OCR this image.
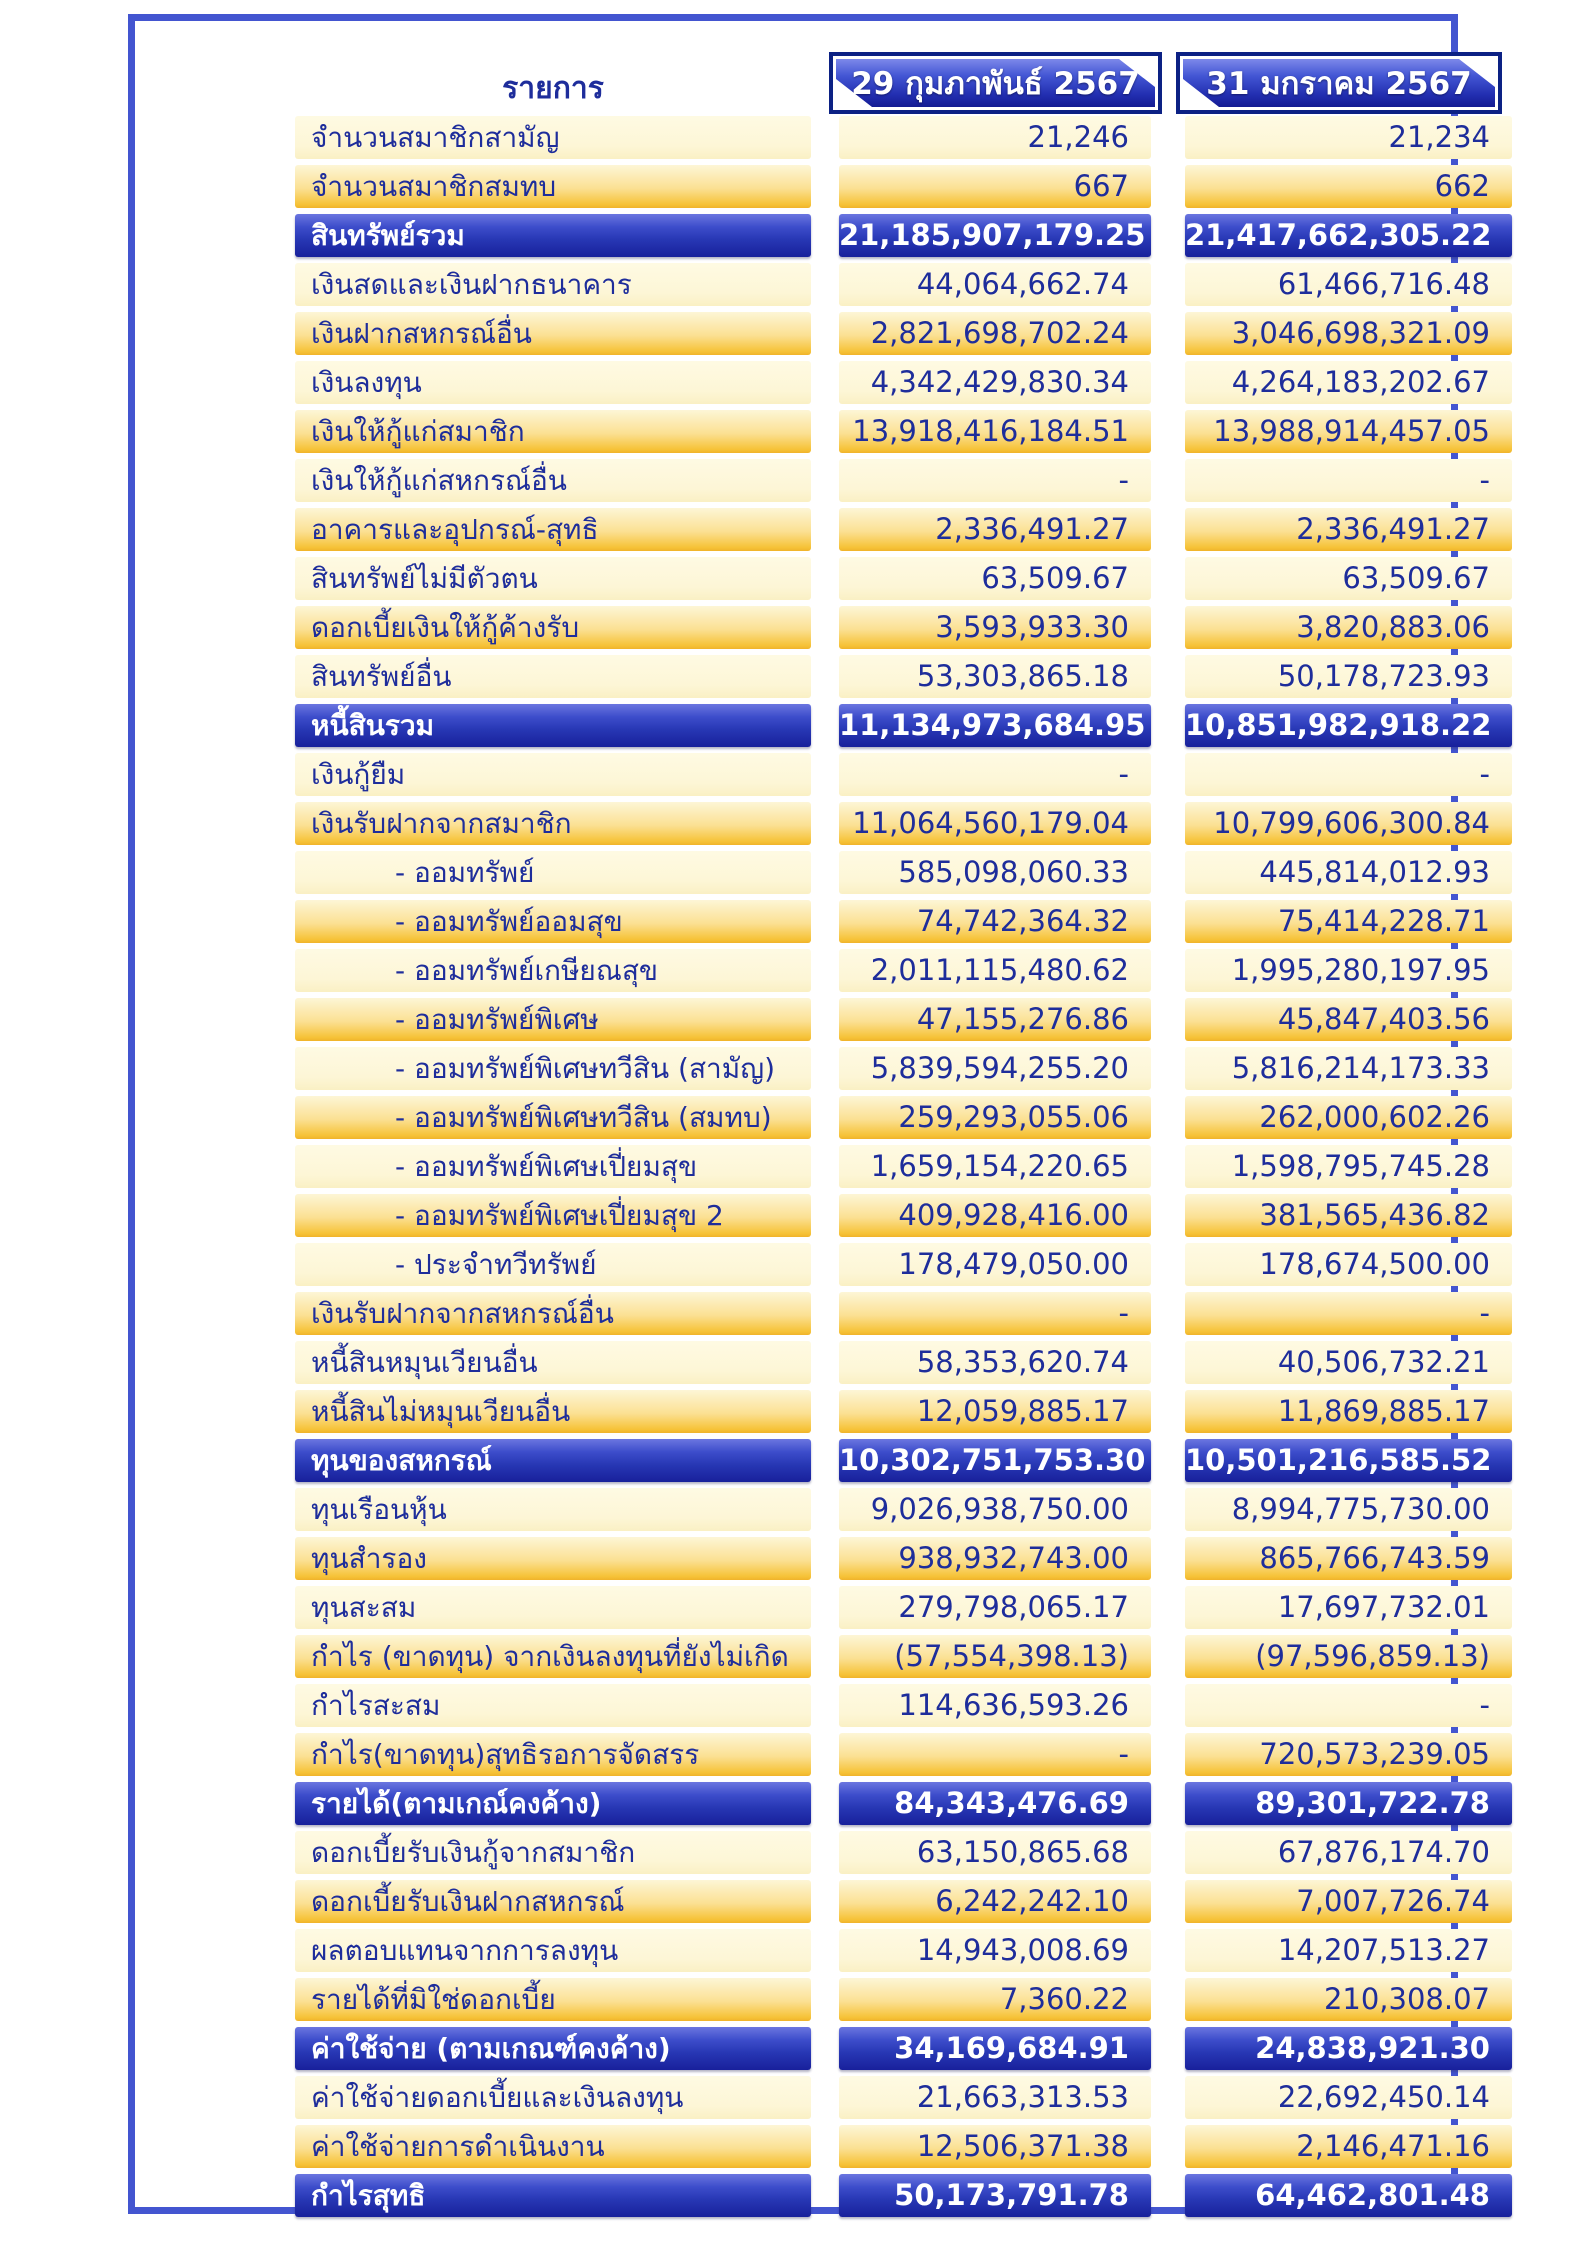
รายการ	29 กุมภาพันธ์ 2567 31 มกราคม 2567
จำนวนสมาชิกสามัญ	21,246	21,234
จำนวนสมาชิกสมทบ	667	662
สินทรัพย์รวม	21,185,907,179.25 21,417,662,305.22
เงินสดและเงินฝากธนาคาร	44,064,662.74	61,466,716.48
เงินฝากสหกรณ์อื่น	2,821,698,702.24	3,046,698,321.09
เงินลงทุน	4,342,429,830.34	4,264,183,202.67
เงินให้กู้แก่สมาชิก	13,918,416,184.51	13,988,914,457.05
เงินให้กู้แก่สหกรณ์อื่น	-	-
อาคารและอุปกรณ์-สุทธิ	2,336,491.27	2,336,491.27
สินทรัพย์ไม่มีตัวตน	63,509.67	63,509.67
ดอกเบี้ยเงินให้กู้ค้างรับ	3,593,933.30	3,820,883.06
สินทรัพย์อื่น	53,303,865.18	50,178,723.93
หนี้สินรวม	11,134,973,684.95 10,851,982,918.22
เงินกู้ยืม	-	-
เงินรับฝากจากสมาชิก	11,064,560,179.04	10,799,606,300.84
- ออมทรัพย์	585,098,060.33	445,814,012.93
- ออมทรัพย์ออมสุข	74,742,364.32	75,414,228.71
- ออมทรัพย์เกษียณสุข	2,011,115,480.62	1,995,280,197.95
- ออมทรัพย์พิเศษ	47,155,276.86	45,847,403.56
- ออมทรัพย์พิเศษทวีสิน (สามัญ)	5,839,594,255.20	5,816,214,173.33
- ออมทรัพย์พิเศษทวีสิน (สมทบ)	259,293,055.06	262,000,602.26
- ออมทรัพย์พิเศษเปี่ยมสุข	1,659,154,220.65	1,598,795,745.28
- ออมทรัพย์พิเศษเปี่ยมสุข 2	409,928,416.00	381,565,436.82
- ประจำทวีทรัพย์	178,479,050.00	178,674,500.00
เงินรับฝากจากสหกรณ์อื่น	-	-
หนี้สินหมุนเวียนอื่น	58,353,620.74	40,506,732.21
หนี้สินไม่หมุนเวียนอื่น	12,059,885.17	11,869,885.17
ทุนของสหกรณ์	10,302,751,753.30 10,501,216,585.52
ทุนเรือนหุ้น	9,026,938,750.00	8,994,775,730.00
ทุนสำรอง	938,932,743.00	865,766,743.59
ทุนสะสม	279,798,065.17	17,697,732.01
กำไร (ขาดทุน) จากเงินลงทุนที่ยังไม่เกิด	(57,554,398.13)	(97,596,859.13)
กำไรสะสม	114,636,593.26	-
กำไร(ขาดทุน)สุทธิรอการจัดสรร	-	720,573,239.05
รายได้(ตามเกณ์คงค้าง)	84,343,476.69	89,301,722.78
ดอกเบี้ยรับเงินกู้จากสมาชิก	63,150,865.68	67,876,174.70
ดอกเบี้ยรับเงินฝากสหกรณ์	6,242,242.10	7,007,726.74
ผลตอบแทนจากการลงทุน	14,943,008.69	14,207,513.27
รายได้ที่มิใช่ดอกเบี้ย	7,360.22	210,308.07
ค่าใช้จ่าย (ตามเกณฑ์คงค้าง)	34,169,684.91	24,838,921.30
ค่าใช้จ่ายดอกเบี้ยและเงินลงทุน	21,663,313.53	22,692,450.14
ค่าใช้จ่ายการดำเนินงาน	12,506,371.38	2,146,471.16
กำไรสุทธิ	50,173,791.78	64,462,801.48
